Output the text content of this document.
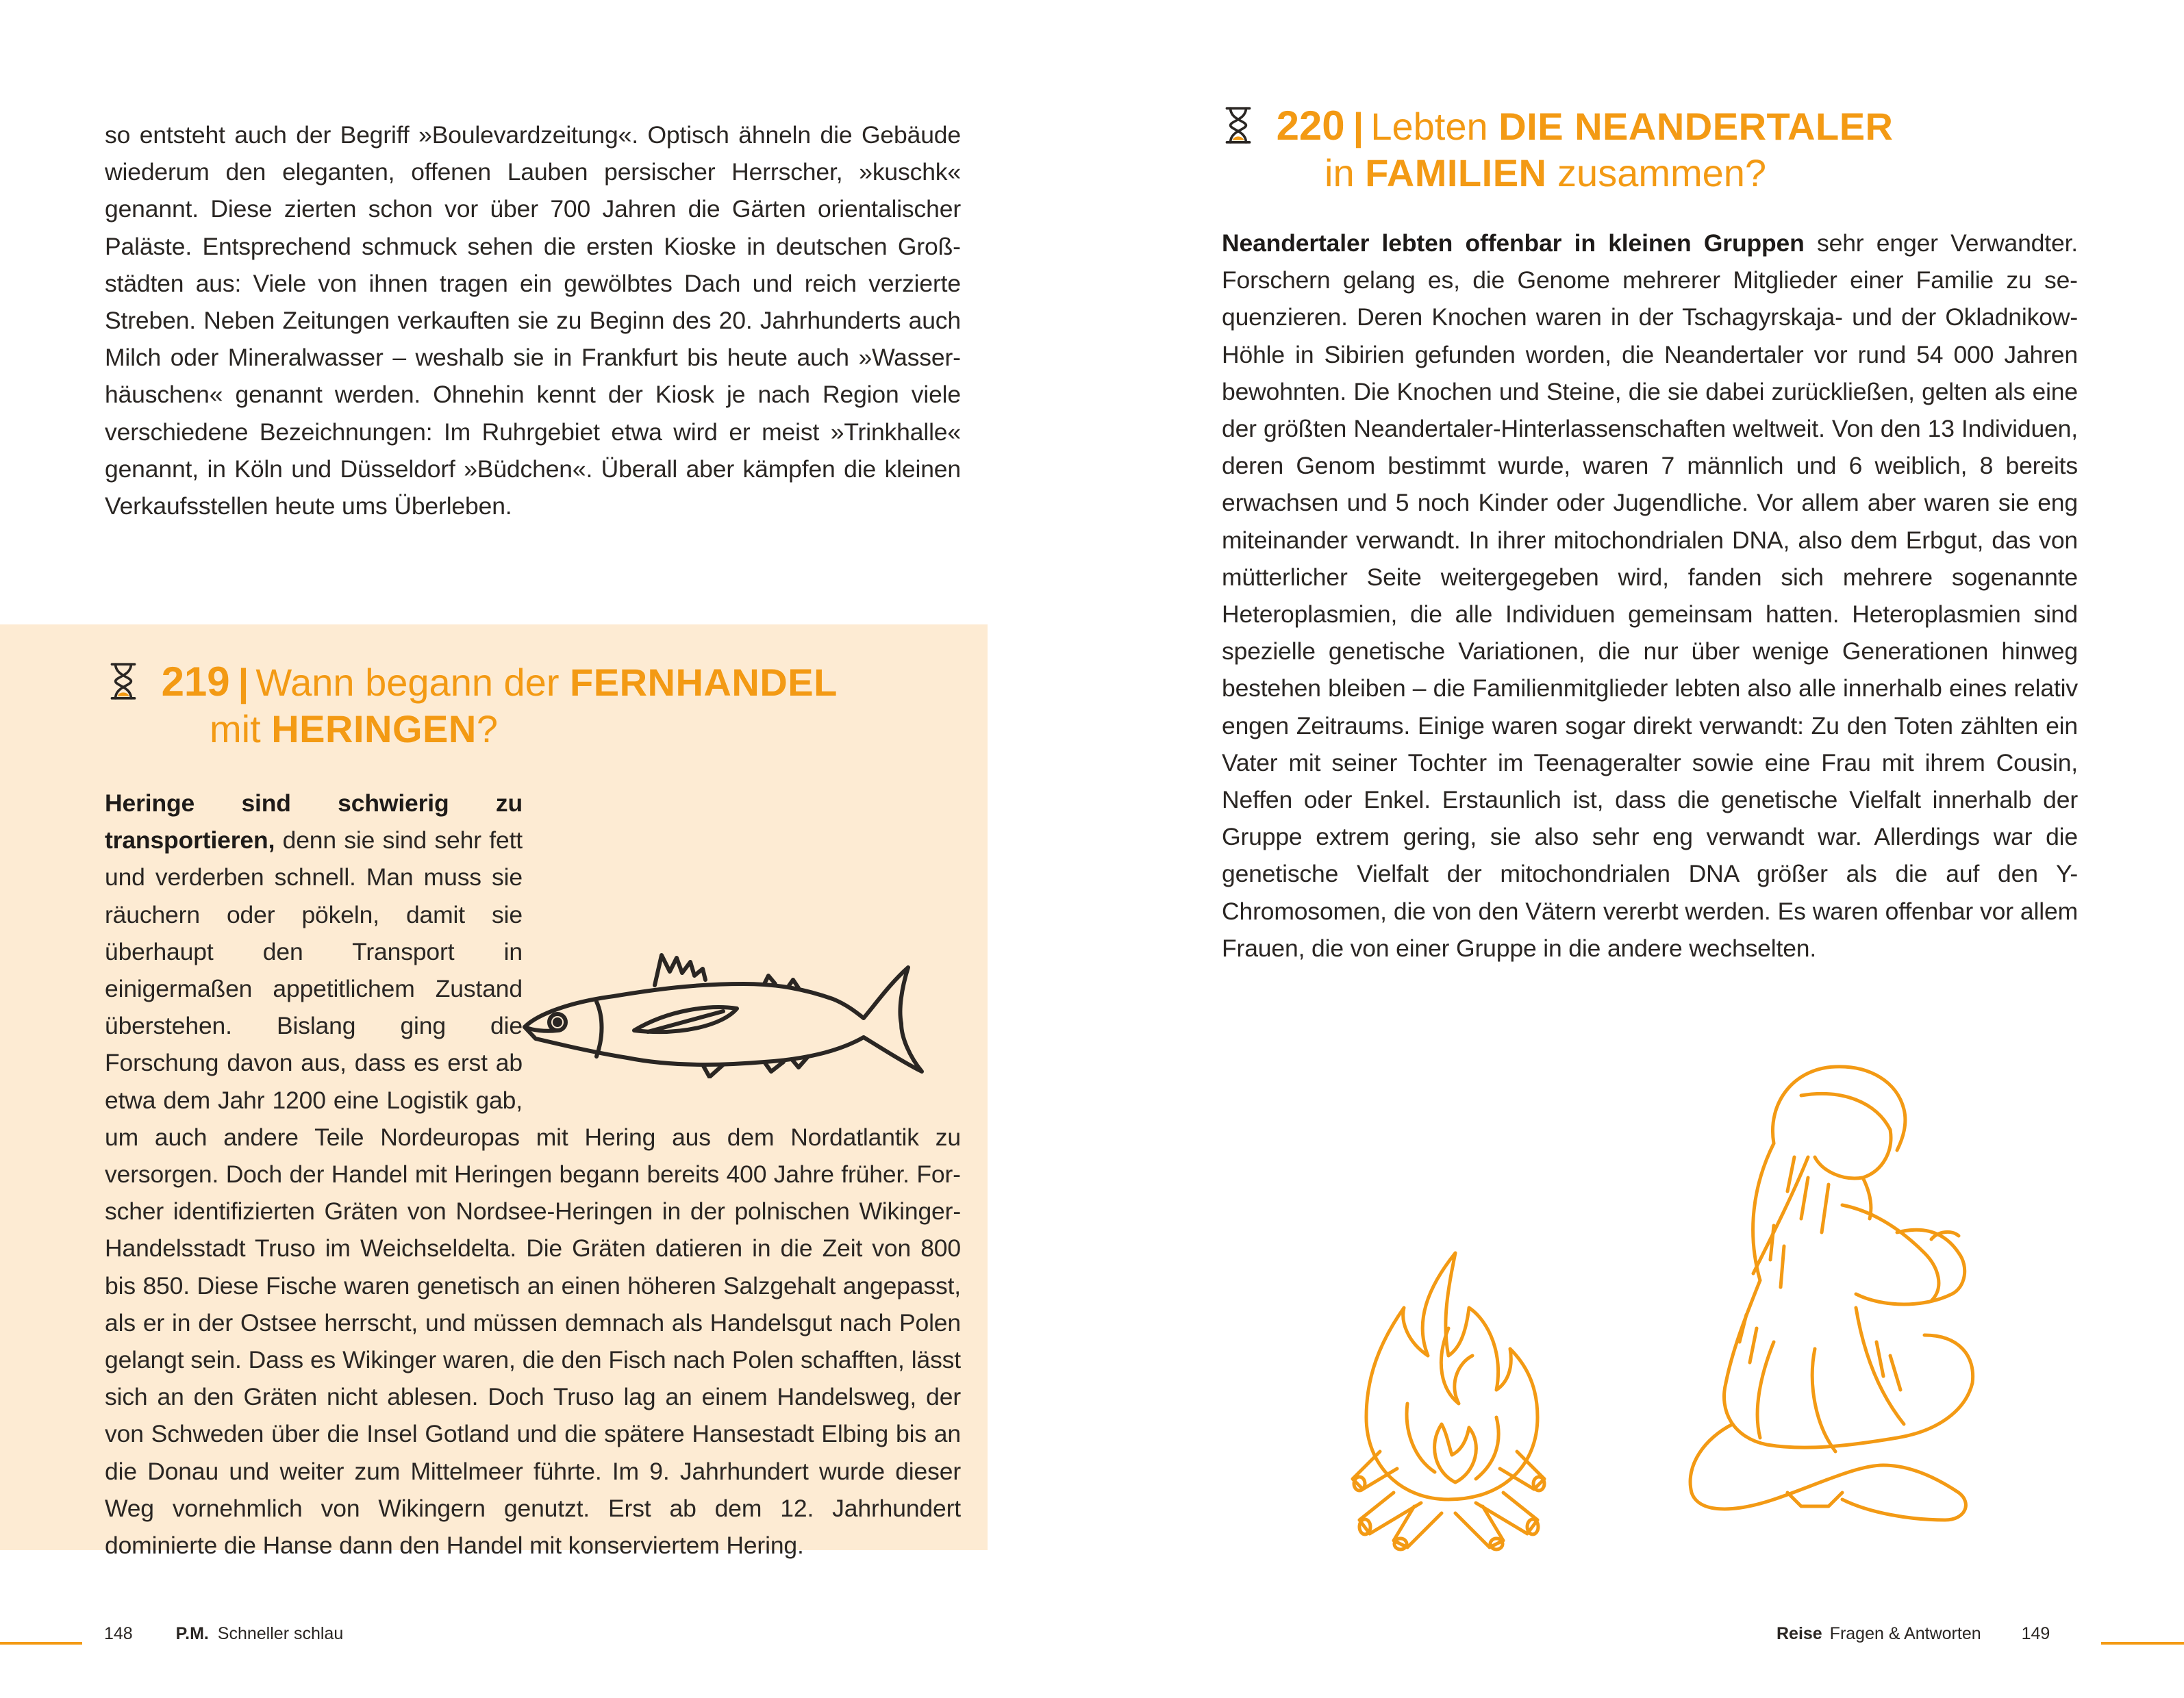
so entsteht auch der Begriff »Boulevardzeitung«. Optisch ähneln die Gebäude wiederum den eleganten, offenen Lauben persischer Herrscher, »kuschk« genannt. Diese zierten schon vor über 700 Jahren die Gärten orientalischer Paläste. Entsprechend schmuck sehen die ersten Kioske in deutschen Großstädten aus: Viele von ihnen tragen ein gewölbtes Dach und reich verzierte Streben. Neben Zeitungen verkauften sie zu Beginn des 20. Jahrhunderts auch Milch oder Mineralwasser – weshalb sie in Frankfurt bis heute auch »Wasserhäuschen« genannt werden. Ohnehin kennt der Kiosk je nach Region viele verschiedene Bezeichnungen: Im Ruhrgebiet etwa wird er meist »Trinkhalle« genannt, in Köln und Düsseldorf »Büdchen«. Überall aber kämpfen die kleinen Verkaufsstellen heute ums Überleben.

219 | Wann begann der FERNHANDEL
mit HERINGEN?

Heringe sind schwierig zu transportieren, denn sie sind sehr fett und verderben schnell. Man muss sie räuchern oder pökeln, damit sie überhaupt den Transport in einigermaßen appetitlichem Zustand überstehen. Bislang ging die Forschung davon aus, dass es erst ab etwa dem Jahr 1200 eine Logistik gab, um auch andere Teile Nordeuropas mit Hering aus dem Nordatlantik zu versorgen. Doch der Handel mit Heringen begann bereits 400 Jahre früher. Forscher identifizierten Gräten von Nordsee-Heringen in der polnischen Wikinger-Handelsstadt Truso im Weichseldelta. Die Gräten datieren in die Zeit von 800 bis 850. Diese Fische waren genetisch an einen höheren Salzgehalt angepasst, als er in der Ostsee herrscht, und müssen demnach als Handelsgut nach Polen gelangt sein. Dass es Wikinger waren, die den Fisch nach Polen schafften, lässt sich an den Gräten nicht ablesen. Doch Truso lag an einem Handelsweg, der von Schweden über die Insel Gotland und die spätere Hansestadt Elbing bis an die Donau und weiter zum Mittelmeer führte. Im 9. Jahrhundert wurde dieser Weg vornehmlich von Wikingern genutzt. Erst ab dem 12. Jahrhundert dominierte die Hanse dann den Handel mit konserviertem Hering.

148	P.M. Schneller schlau
220 | Lebten DIE NEANDERTALER
in FAMILIEN zusammen?

Neandertaler lebten offenbar in kleinen Gruppen sehr enger Verwandter. Forschern gelang es, die Genome mehrerer Mitglieder einer Familie zu sequenzieren. Deren Knochen waren in der Tschagyrskaja- und der Okladnikow-Höhle in Sibirien gefunden worden, die Neandertaler vor rund 54 000 Jahren bewohnten. Die Knochen und Steine, die sie dabei zurückließen, gelten als eine der größten Neandertaler-Hinterlassenschaften weltweit. Von den 13 Individuen, deren Genom bestimmt wurde, waren 7 männlich und 6 weiblich, 8 bereits erwachsen und 5 noch Kinder oder Jugendliche. Vor allem aber waren sie eng miteinander verwandt. In ihrer mitochondrialen DNA, also dem Erbgut, das von mütterlicher Seite weitergegeben wird, fanden sich mehrere sogenannte Heteroplasmien, die alle Individuen gemeinsam hatten. Heteroplasmien sind spezielle genetische Variationen, die nur über wenige Generationen hinweg bestehen bleiben – die Familienmitglieder lebten also alle innerhalb eines relativ engen Zeitraums. Einige waren sogar direkt verwandt: Zu den Toten zählten ein Vater mit seiner Tochter im Teenageralter sowie eine Frau mit ihrem Cousin, Neffen oder Enkel. Erstaunlich ist, dass die genetische Vielfalt innerhalb der Gruppe extrem gering, sie also sehr eng verwandt war. Allerdings war die genetische Vielfalt der mitochondrialen DNA größer als die auf den Y-Chromosomen, die von den Vätern vererbt werden. Es waren offenbar vor allem Frauen, die von einer Gruppe in die andere wechselten.

Reise Fragen & Antworten 149
